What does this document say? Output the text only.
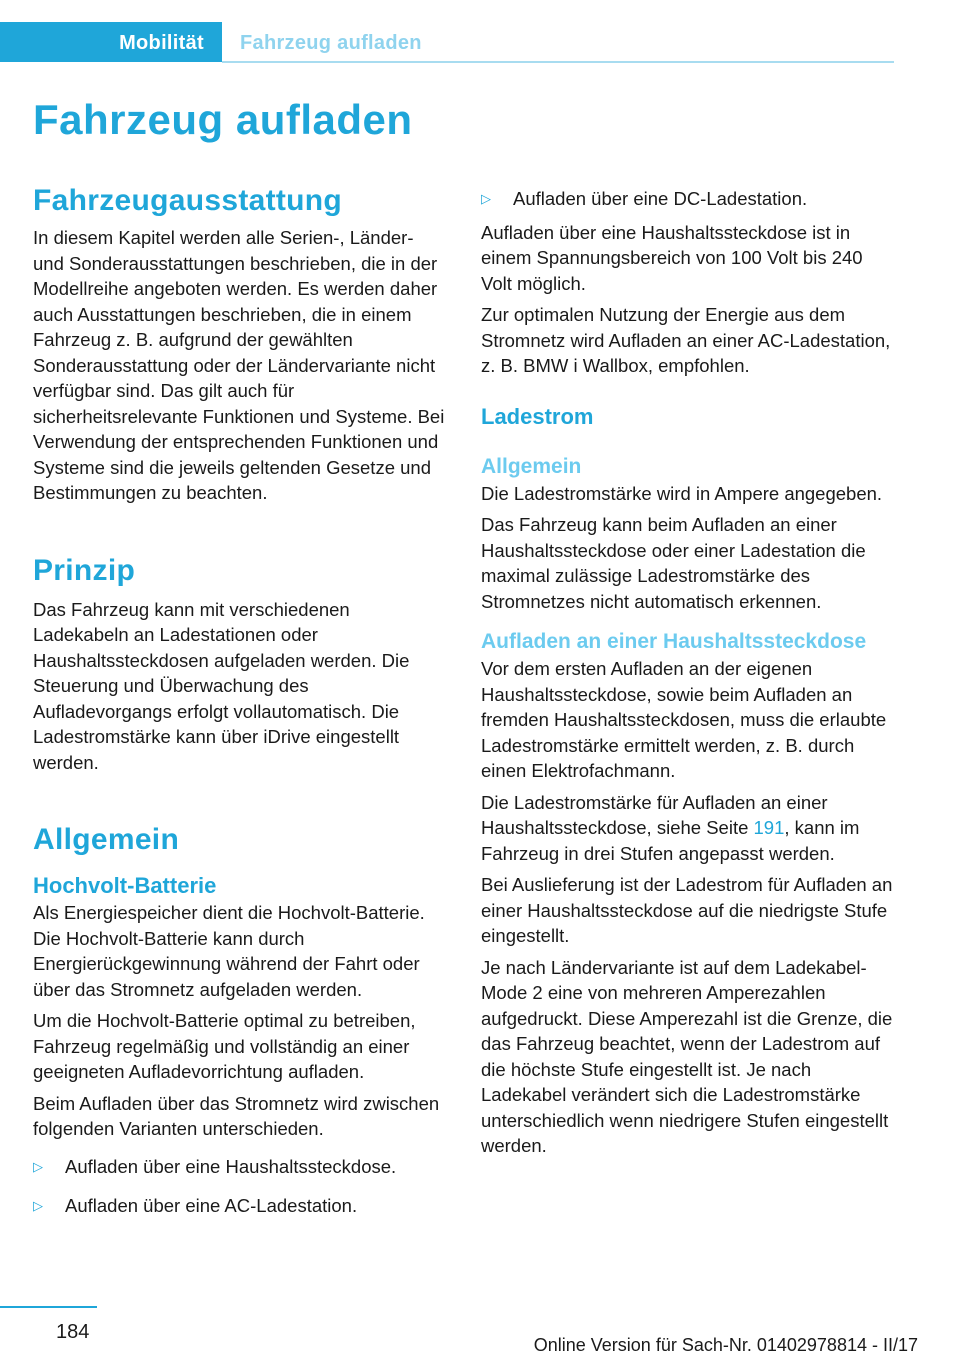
Mobilität	Fahrzeug aufladen
Fahrzeug aufladen
Fahrzeugausstattung

In diesem Kapitel werden alle Serien-, Länder- und Sonderausstattungen beschrieben, die in der Modellreihe angeboten werden. Es werden daher auch Ausstattungen beschrieben, die in einem Fahrzeug z. B. aufgrund der gewählten Sonderausstattung oder der Ländervariante nicht verfügbar sind. Das gilt auch für sicherheitsrelevante Funktionen und Systeme. Bei Verwendung der entsprechenden Funktionen und Systeme sind die jeweils geltenden Gesetze und Bestimmungen zu beachten.

Prinzip

Das Fahrzeug kann mit verschiedenen Ladekabeln an Ladestationen oder Haushaltssteckdosen aufgeladen werden. Die Steuerung und Überwachung des Aufladevorgangs erfolgt vollautomatisch. Die Ladestromstärke kann über iDrive eingestellt werden.

Allgemein
Hochvolt-Batterie

Als Energiespeicher dient die Hochvolt-Batterie. Die Hochvolt-Batterie kann durch Energierückgewinnung während der Fahrt oder über das Stromnetz aufgeladen werden.

Um die Hochvolt-Batterie optimal zu betreiben, Fahrzeug regelmäßig und vollständig an einer geeigneten Aufladevorrichtung aufladen.

Beim Aufladen über das Stromnetz wird zwischen folgenden Varianten unterschieden.

▷	Aufladen über eine Haushaltssteckdose.
▷	Aufladen über eine AC-Ladestation.
▷	Aufladen über eine DC-Ladestation.

Aufladen über eine Haushaltssteckdose ist in einem Spannungsbereich von 100 Volt bis 240 Volt möglich.

Zur optimalen Nutzung der Energie aus dem Stromnetz wird Aufladen an einer AC-Ladestation, z. B. BMW i Wallbox, empfohlen.

Ladestrom
Allgemein

Die Ladestromstärke wird in Ampere angegeben.

Das Fahrzeug kann beim Aufladen an einer Haushaltssteckdose oder einer Ladestation die maximal zulässige Ladestromstärke des Stromnetzes nicht automatisch erkennen.

Aufladen an einer Haushaltssteckdose

Vor dem ersten Aufladen an der eigenen Haushaltssteckdose, sowie beim Aufladen an fremden Haushaltssteckdosen, muss die erlaubte Ladestromstärke ermittelt werden, z. B. durch einen Elektrofachmann.

Die Ladestromstärke für Aufladen an einer Haushaltssteckdose, siehe Seite 191, kann im Fahrzeug in drei Stufen angepasst werden.

Bei Auslieferung ist der Ladestrom für Aufladen an einer Haushaltssteckdose auf die niedrigste Stufe eingestellt.

Je nach Ländervariante ist auf dem Ladekabel-Mode 2 eine von mehreren Amperezahlen aufgedruckt. Diese Amperezahl ist die Grenze, die das Fahrzeug beachtet, wenn der Ladestrom auf die höchste Stufe eingestellt ist. Je nach Ladekabel verändert sich die Ladestromstärke unterschiedlich wenn niedrigere Stufen eingestellt werden.

184
Online Version für Sach-Nr. 01402978814 - II/17
